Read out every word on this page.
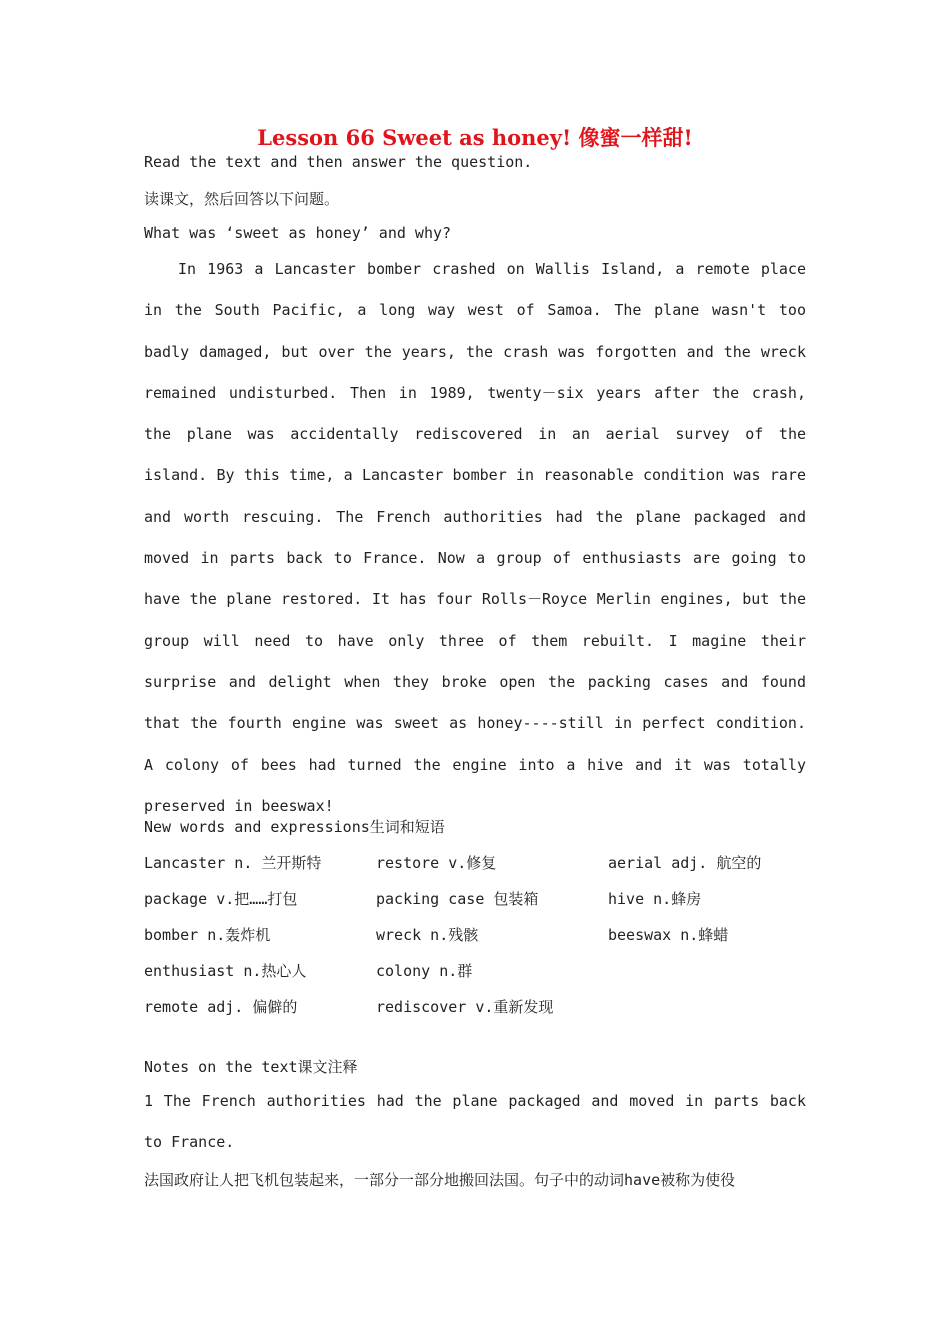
Lesson 66 Sweet as honey! 像蜜一样甜!
Read the text and then answer the question.
读课文，然后回答以下问题。
What was ‘sweet as honey’ and why?
In 1963 a Lancaster bomber crashed on Wallis Island, a remote place in the South Pacific, a long way west of Samoa. The plane wasn't too badly damaged, but over the years, the crash was forgotten and the wreck remained undisturbed. Then in 1989, twenty－six years after the crash, the plane was accidentally rediscovered in an aerial survey of the island. By this time, a Lancaster bomber in reasonable condition was rare and worth rescuing. The French authorities had the plane packaged and moved in parts back to France. Now a group of enthusiasts are going to have the plane restored. It has four Rolls－Royce Merlin engines, but the group will need to have only three of them rebuilt. I magine their surprise and delight when they broke open the packing cases and found that the fourth engine was sweet as honey----still in perfect condition. A colony of bees had turned the engine into a hive and it was totally preserved in beeswax!
New words and expressions生词和短语
Lancaster n. 兰开斯特	restore v.修复	aerial adj. 航空的
package v.把……打包	packing case 包装箱	hive n.蜂房
bomber n.轰炸机	wreck n.残骸	beeswax n.蜂蜡
enthusiast n.热心人	colony n.群
remote adj. 偏僻的	rediscover v.重新发现
Notes on the text课文注释
1 The French authorities had the plane packaged and moved in parts back to France.
法国政府让人把飞机包装起来，一部分一部分地搬回法国。句子中的动词have被称为使役
